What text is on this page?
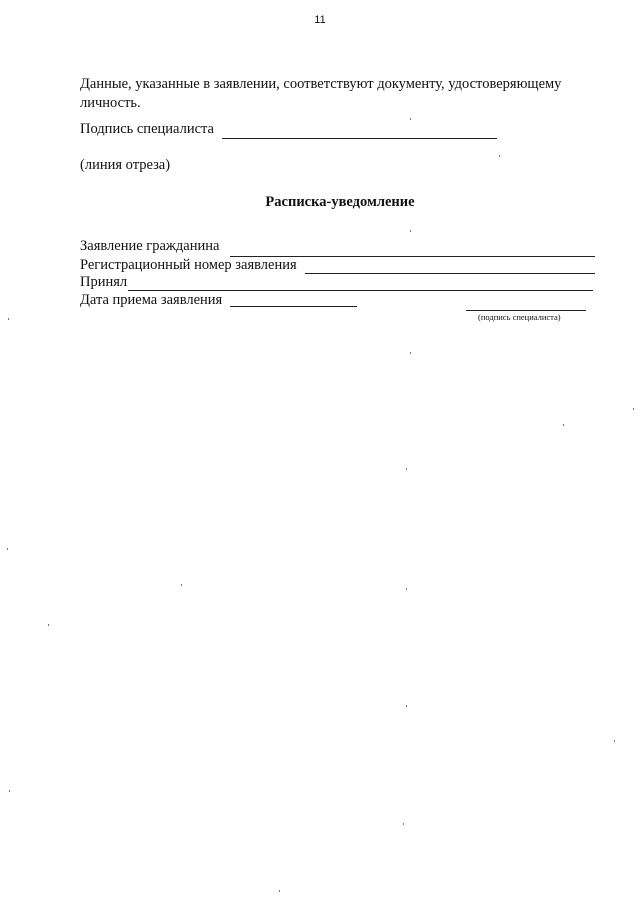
11
Данные, указанные в заявлении, соответствуют документу, удостоверяющему личность.
Подпись специалиста
(линия отреза)
Расписка-уведомление
Заявление гражданина
Регистрационный номер заявления
Принял
Дата приема заявления
(подпись специалиста)
